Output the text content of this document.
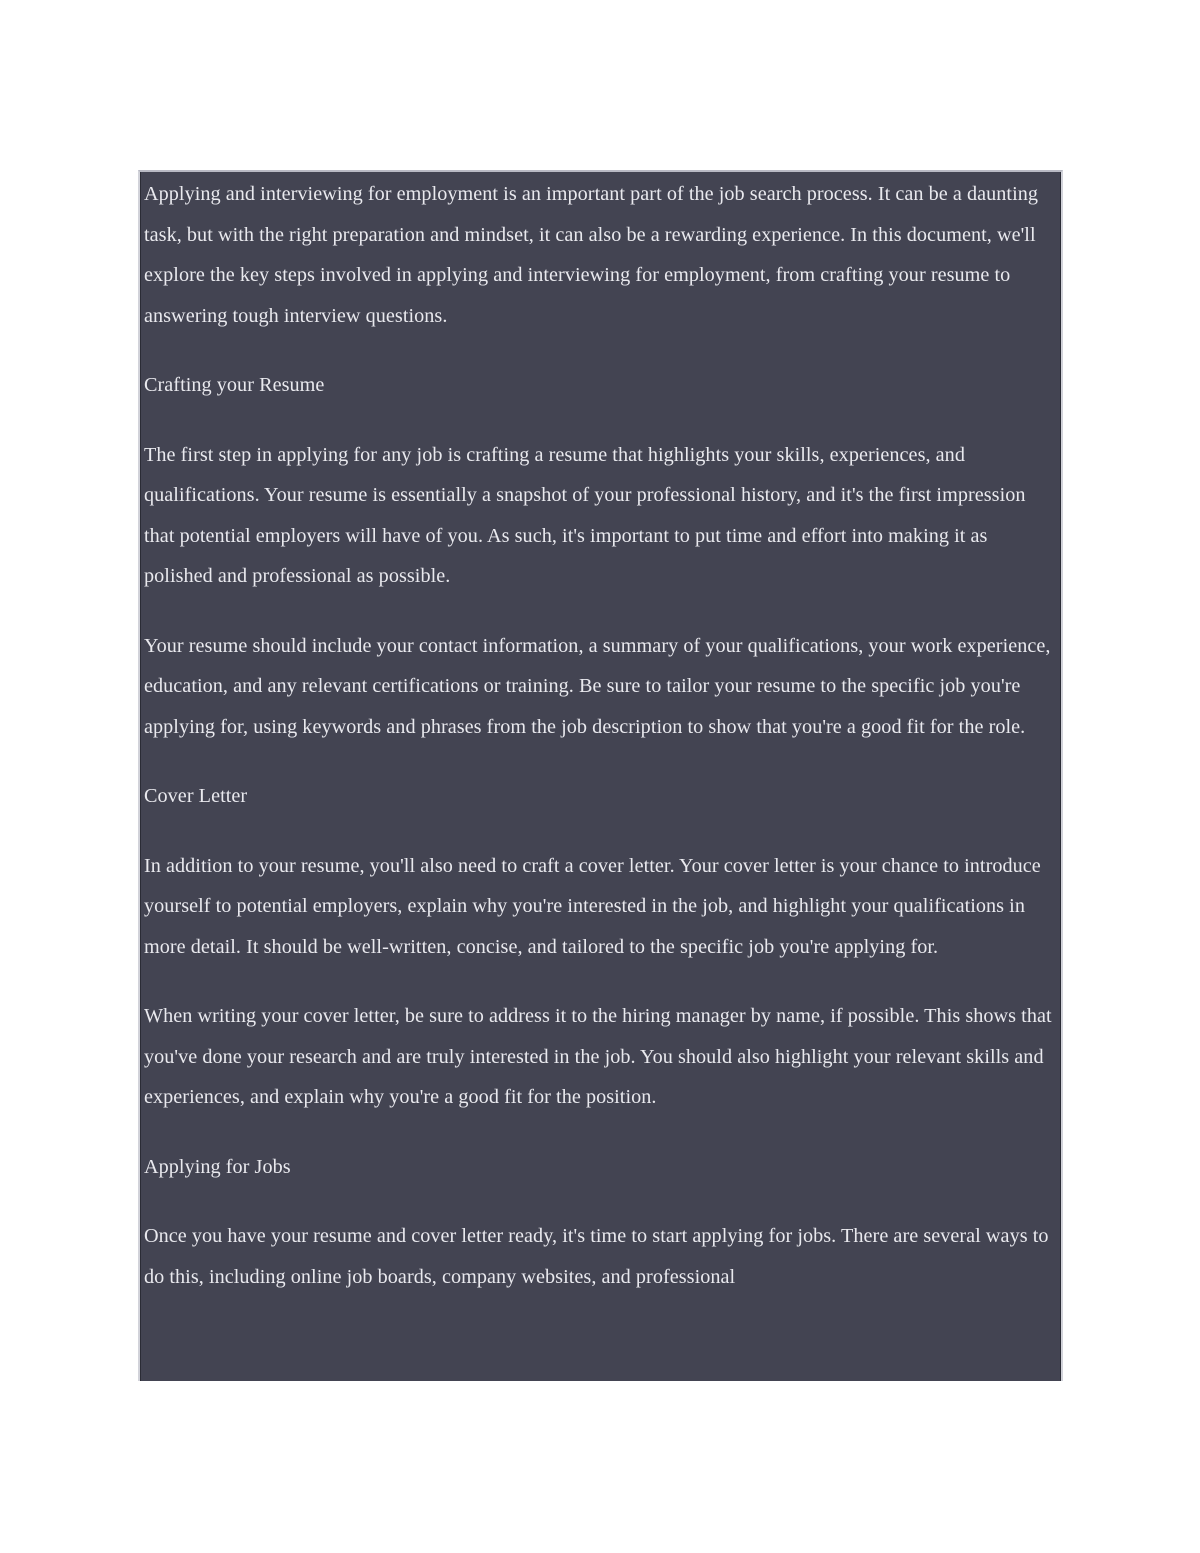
Applying and interviewing for employment is an important part of the job search process. It can be a daunting task, but with the right preparation and mindset, it can also be a rewarding experience. In this document, we'll explore the key steps involved in applying and interviewing for employment, from crafting your resume to answering tough interview questions.

Crafting your Resume

The first step in applying for any job is crafting a resume that highlights your skills, experiences, and qualifications. Your resume is essentially a snapshot of your professional history, and it's the first impression that potential employers will have of you. As such, it's important to put time and effort into making it as polished and professional as possible.

Your resume should include your contact information, a summary of your qualifications, your work experience, education, and any relevant certifications or training. Be sure to tailor your resume to the specific job you're applying for, using keywords and phrases from the job description to show that you're a good fit for the role.

Cover Letter

In addition to your resume, you'll also need to craft a cover letter. Your cover letter is your chance to introduce yourself to potential employers, explain why you're interested in the job, and highlight your qualifications in more detail. It should be well-written, concise, and tailored to the specific job you're applying for.

When writing your cover letter, be sure to address it to the hiring manager by name, if possible. This shows that you've done your research and are truly interested in the job. You should also highlight your relevant skills and experiences, and explain why you're a good fit for the position.

Applying for Jobs

Once you have your resume and cover letter ready, it's time to start applying for jobs. There are several ways to do this, including online job boards, company websites, and professional
